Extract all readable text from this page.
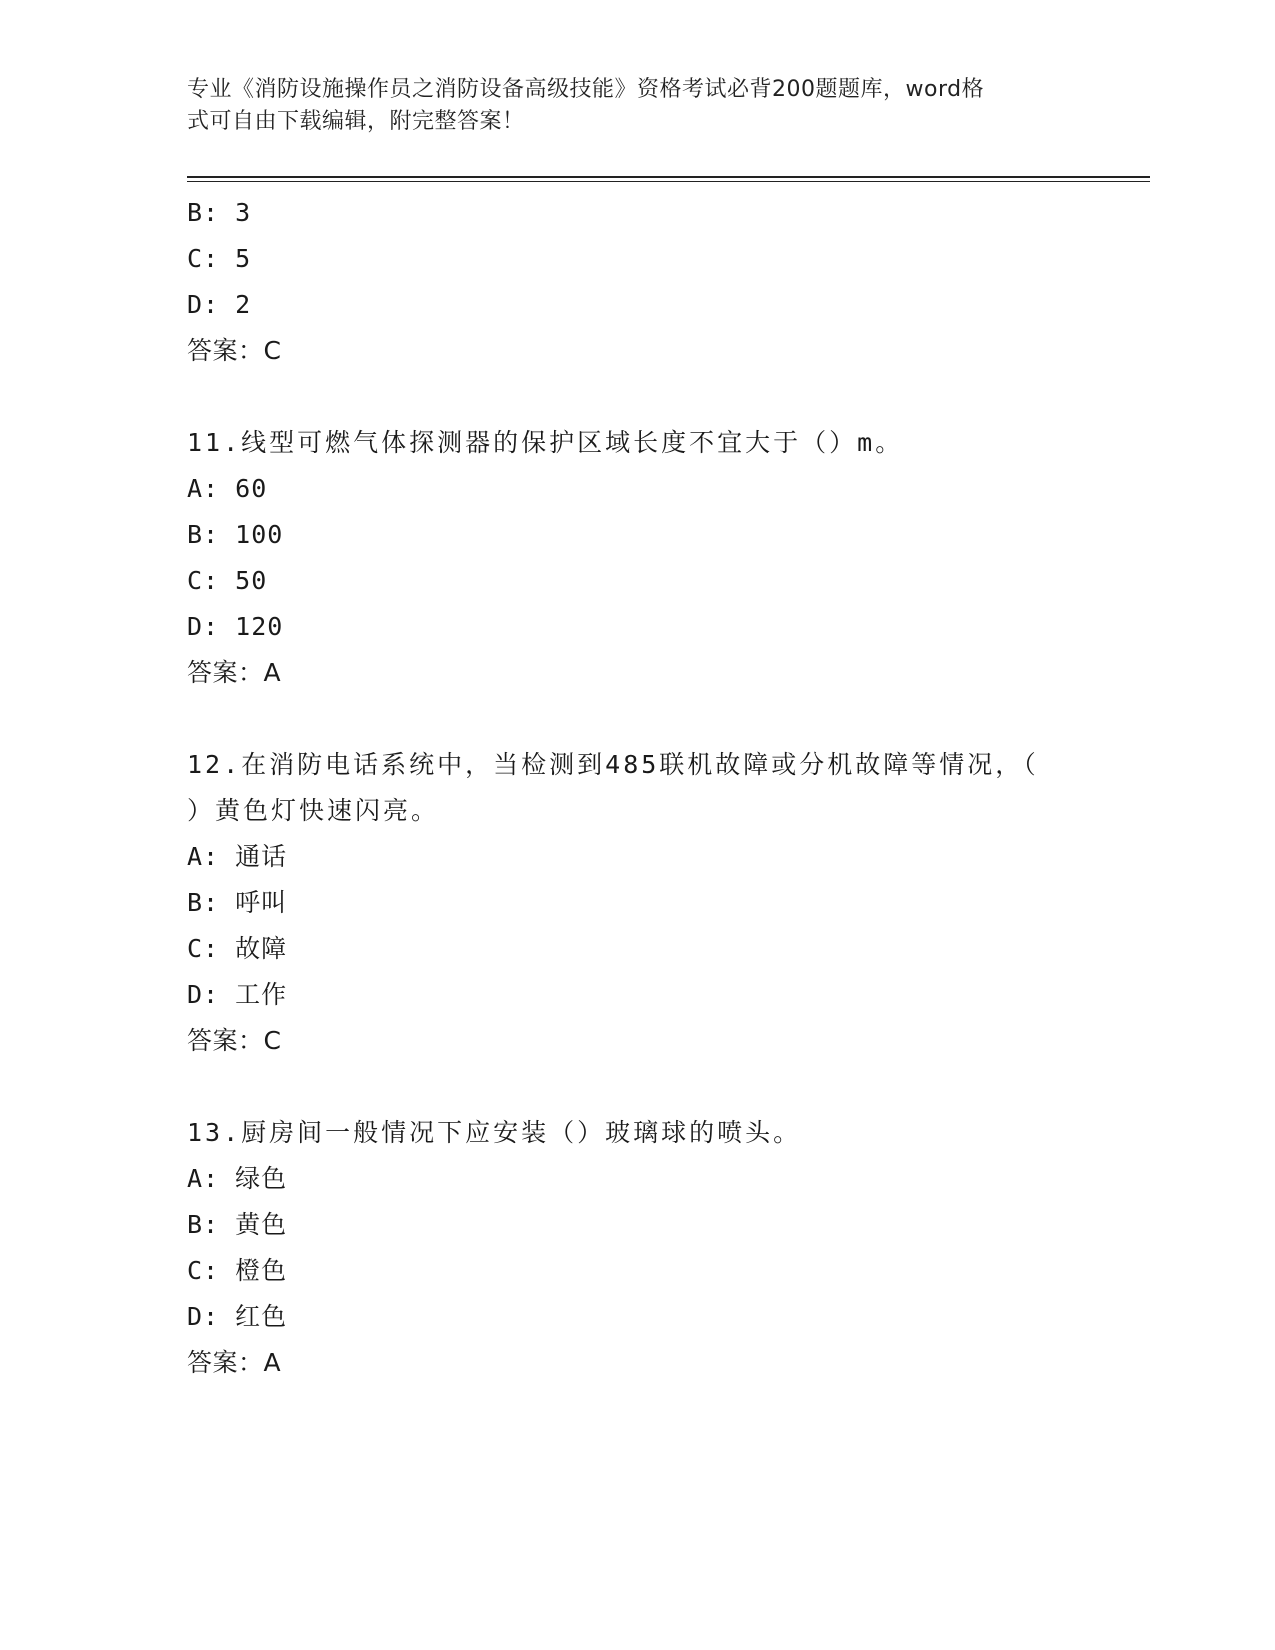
专业《消防设施操作员之消防设备高级技能》资格考试必背200题题库，word格
式可自由下载编辑，附完整答案！
B: 3
C: 5
D: 2
答案：C
11.线型可燃气体探测器的保护区域长度不宜大于（）m。
A: 60
B: 100
C: 50
D: 120
答案：A
12.在消防电话系统中，当检测到485联机故障或分机故障等情况，（
）黄色灯快速闪亮。
A: 通话
B: 呼叫
C: 故障
D: 工作
答案：C
13.厨房间一般情况下应安装（）玻璃球的喷头。
A: 绿色
B: 黄色
C: 橙色
D: 红色
答案：A
